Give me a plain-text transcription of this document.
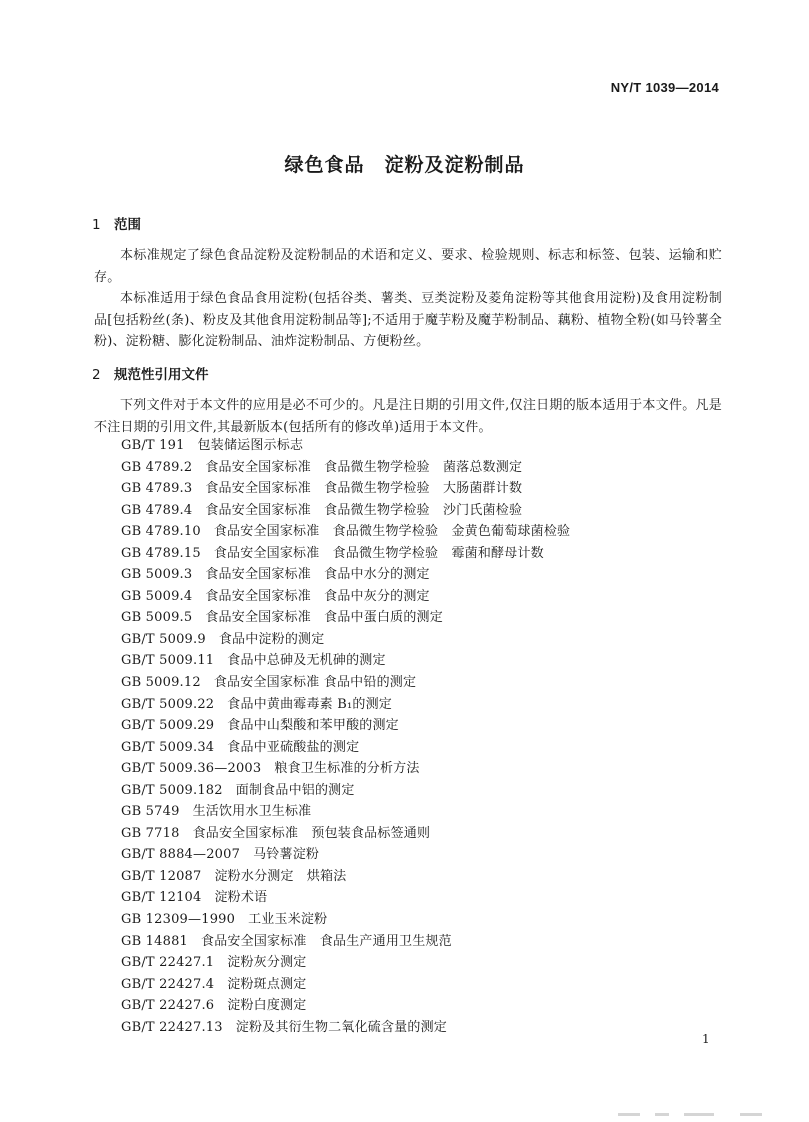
NY/T 1039—2014
绿色食品　淀粉及淀粉制品
1 范围
本标准规定了绿色食品淀粉及淀粉制品的术语和定义、要求、检验规则、标志和标签、包装、运输和贮存。
本标准适用于绿色食品食用淀粉(包括谷类、薯类、豆类淀粉及菱角淀粉等其他食用淀粉)及食用淀粉制品[包括粉丝(条)、粉皮及其他食用淀粉制品等];不适用于魔芋粉及魔芋粉制品、藕粉、植物全粉(如马铃薯全粉)、淀粉糖、膨化淀粉制品、油炸淀粉制品、方便粉丝。
2 规范性引用文件
下列文件对于本文件的应用是必不可少的。凡是注日期的引用文件,仅注日期的版本适用于本文件。凡是不注日期的引用文件,其最新版本(包括所有的修改单)适用于本文件。
GB/T 191 包装储运图示标志
GB 4789.2 食品安全国家标准　食品微生物学检验　菌落总数测定
GB 4789.3 食品安全国家标准　食品微生物学检验　大肠菌群计数
GB 4789.4 食品安全国家标准　食品微生物学检验　沙门氏菌检验
GB 4789.10 食品安全国家标准　食品微生物学检验　金黄色葡萄球菌检验
GB 4789.15 食品安全国家标准　食品微生物学检验　霉菌和酵母计数
GB 5009.3 食品安全国家标准　食品中水分的测定
GB 5009.4 食品安全国家标准　食品中灰分的测定
GB 5009.5 食品安全国家标准　食品中蛋白质的测定
GB/T 5009.9 食品中淀粉的测定
GB/T 5009.11 食品中总砷及无机砷的测定
GB 5009.12 食品安全国家标准 食品中铅的测定
GB/T 5009.22 食品中黄曲霉毒素 B₁的测定
GB/T 5009.29 食品中山梨酸和苯甲酸的测定
GB/T 5009.34 食品中亚硫酸盐的测定
GB/T 5009.36—2003 粮食卫生标准的分析方法
GB/T 5009.182 面制食品中铝的测定
GB 5749 生活饮用水卫生标准
GB 7718 食品安全国家标准　预包装食品标签通则
GB/T 8884—2007 马铃薯淀粉
GB/T 12087 淀粉水分测定　烘箱法
GB/T 12104 淀粉术语
GB 12309—1990 工业玉米淀粉
GB 14881 食品安全国家标准　食品生产通用卫生规范
GB/T 22427.1 淀粉灰分测定
GB/T 22427.4 淀粉斑点测定
GB/T 22427.6 淀粉白度测定
GB/T 22427.13 淀粉及其衍生物二氧化硫含量的测定
1
